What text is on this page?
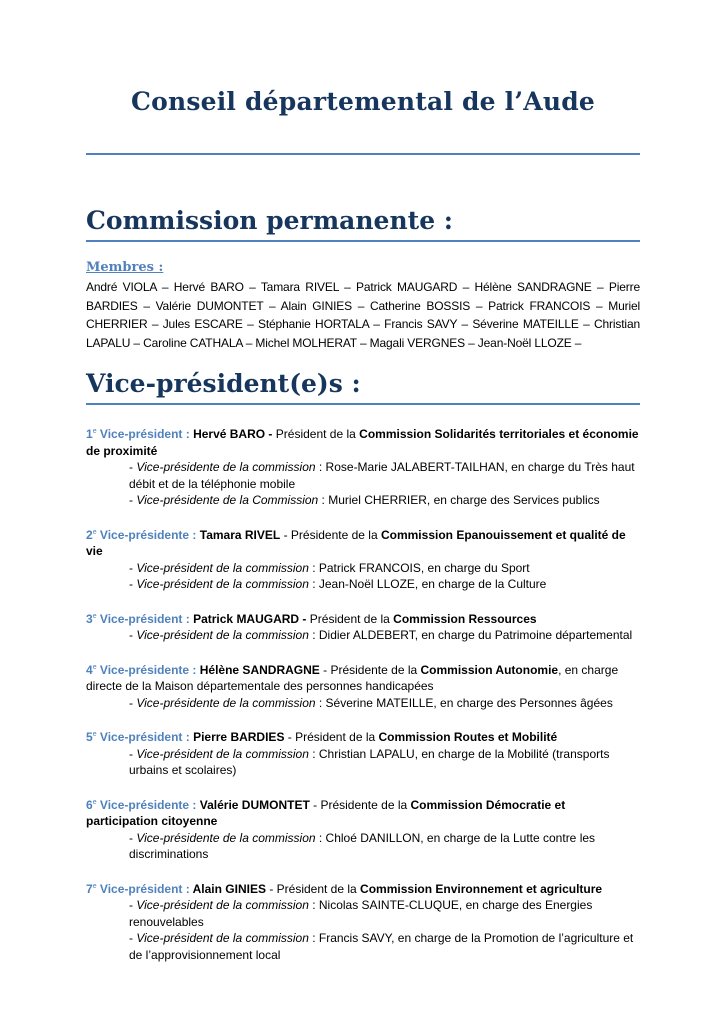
Conseil départemental de l’Aude
Commission permanente :
Membres :

André VIOLA – Hervé BARO – Tamara RIVEL – Patrick MAUGARD – Hélène SANDRAGNE – Pierre BARDIES – Valérie DUMONTET – Alain GINIES – Catherine BOSSIS – Patrick FRANCOIS – Muriel CHERRIER – Jules ESCARE – Stéphanie HORTALA – Francis SAVY – Séverine MATEILLE – Christian LAPALU – Caroline CATHALA – Michel MOLHERAT – Magali VERGNES – Jean-Noël LLOZE –

Vice-président(e)s :

1e Vice-président : Hervé BARO - Président de la Commission Solidarités territoriales et économie de proximité

- Vice-présidente de la commission : Rose-Marie JALABERT-TAILHAN, en charge du Très haut débit et de la téléphonie mobile

- Vice-présidente de la Commission : Muriel CHERRIER, en charge des Services publics

2e Vice-présidente : Tamara RIVEL - Présidente de la Commission Epanouissement et qualité de vie

- Vice-président de la commission : Patrick FRANCOIS, en charge du Sport

- Vice-président de la commission : Jean-Noël LLOZE, en charge de la Culture

3e Vice-président : Patrick MAUGARD - Président de la Commission Ressources

- Vice-président de la commission : Didier ALDEBERT, en charge du Patrimoine départemental

4e Vice-présidente : Hélène SANDRAGNE - Présidente de la Commission Autonomie, en charge directe de la Maison départementale des personnes handicapées

- Vice-présidente de la commission : Séverine MATEILLE, en charge des Personnes âgées

5e Vice-président : Pierre BARDIES - Président de la Commission Routes et Mobilité

- Vice-président de la commission : Christian LAPALU, en charge de la Mobilité (transports urbains et scolaires)

6e Vice-présidente : Valérie DUMONTET - Présidente de la Commission Démocratie et participation citoyenne

- Vice-présidente de la commission : Chloé DANILLON, en charge de la Lutte contre les discriminations

7e Vice-président : Alain GINIES - Président de la Commission Environnement et agriculture

- Vice-président de la commission : Nicolas SAINTE-CLUQUE, en charge des Energies renouvelables

- Vice-président de la commission : Francis SAVY, en charge de la Promotion de l’agriculture et de l’approvisionnement local
